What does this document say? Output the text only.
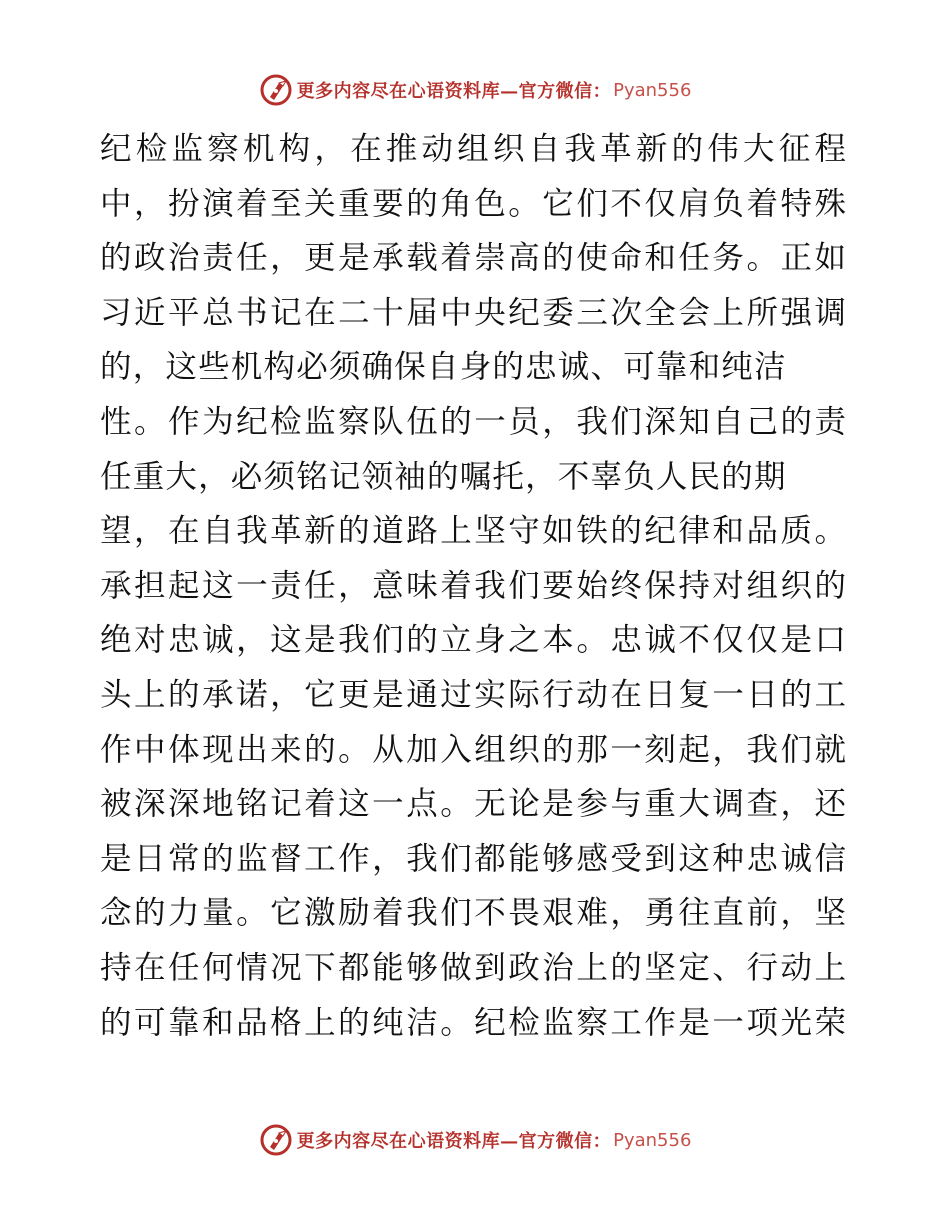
更多内容尽在心语资料库—官方微信： Pyan556
纪检监察机构，在推动组织自我革新的伟大征程
中，扮演着至关重要的角色。它们不仅肩负着特殊
的政治责任，更是承载着崇高的使命和任务。正如
习近平总书记在二十届中央纪委三次全会上所强调
的，这些机构必须确保自身的忠诚、可靠和纯洁
性。作为纪检监察队伍的一员，我们深知自己的责
任重大，必须铭记领袖的嘱托，不辜负人民的期
望，在自我革新的道路上坚守如铁的纪律和品质。
承担起这一责任，意味着我们要始终保持对组织的
绝对忠诚，这是我们的立身之本。忠诚不仅仅是口
头上的承诺，它更是通过实际行动在日复一日的工
作中体现出来的。从加入组织的那一刻起，我们就
被深深地铭记着这一点。无论是参与重大调查，还
是日常的监督工作，我们都能够感受到这种忠诚信
念的力量。它激励着我们不畏艰难，勇往直前，坚
持在任何情况下都能够做到政治上的坚定、行动上
的可靠和品格上的纯洁。纪检监察工作是一项光荣
更多内容尽在心语资料库—官方微信： Pyan556
